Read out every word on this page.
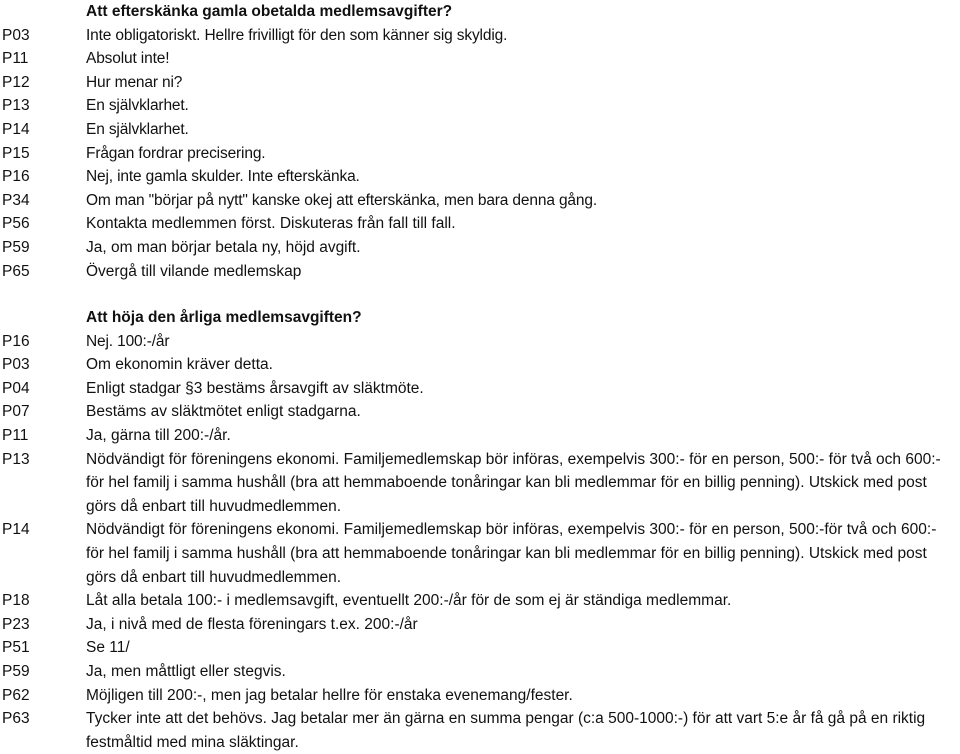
Att efterskänka gamla obetalda medlemsavgifter?
P03	Inte obligatoriskt. Hellre frivilligt för den som känner sig skyldig.
P11	Absolut inte!
P12	Hur menar ni?
P13	En självklarhet.
P14	En självklarhet.
P15	Frågan fordrar precisering.
P16	Nej, inte gamla skulder. Inte efterskänka.
P34	Om man "börjar på nytt" kanske okej att efterskänka, men bara denna gång.
P56	Kontakta medlemmen först. Diskuteras från fall till fall.
P59	Ja, om man börjar betala ny, höjd avgift.
P65	Övergå till vilande medlemskap
Att höja den årliga medlemsavgiften?
P16	Nej. 100:-/år
P03	Om ekonomin kräver detta.
P04	Enligt stadgar §3 bestäms årsavgift av släktmöte.
P07	Bestäms av släktmötet enligt stadgarna.
P11	Ja, gärna till 200:-/år.
P13	Nödvändigt för föreningens ekonomi. Familjemedlemskap bör införas, exempelvis 300:- för en person, 500:- för två och 600:- för hel familj i samma hushåll (bra att hemmaboende tonåringar kan bli medlemmar för en billig penning). Utskick med post görs då enbart till huvudmedlemmen.
P14	Nödvändigt för föreningens ekonomi. Familjemedlemskap bör införas, exempelvis 300:- för en person, 500:-för två och 600:- för hel familj i samma hushåll (bra att hemmaboende tonåringar kan bli medlemmar för en billig penning). Utskick med post görs då enbart till huvudmedlemmen.
P18	Låt alla betala 100:- i medlemsavgift, eventuellt 200:-/år för de som ej är ständiga medlemmar.
P23	Ja, i nivå med de flesta föreningars t.ex. 200:-/år
P51	Se 11/
P59	Ja, men måttligt eller stegvis.
P62	Möjligen till 200:-, men jag betalar hellre för enstaka evenemang/fester.
P63	Tycker inte att det behövs. Jag betalar mer än gärna en summa pengar (c:a 500-1000:-) för att vart 5:e år få gå på en riktig festmåltid med mina släktingar.
